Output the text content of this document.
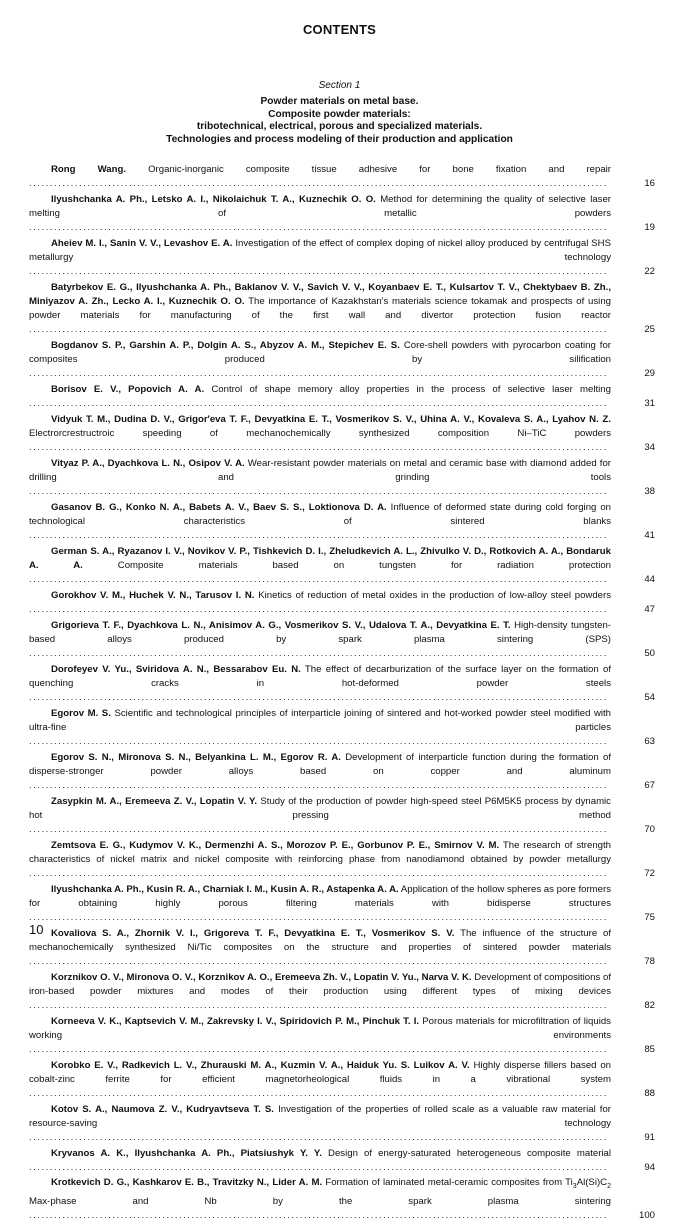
CONTENTS
Section 1
Powder materials on metal base.
Composite powder materials:
tribotechnical, electrical, porous and specialized materials.
Technologies and process modeling of their production and application
Rong Wang. Organic-inorganic composite tissue adhesive for bone fixation and repair ...........................................................................................................................................	16
Ilyushchanka A. Ph., Letsko A. I., Nikolaichuk T. A., Kuznechik O. O. Method for determining the quality of selective laser melting of metallic powders ...........................................................................................................................................	19
Aheiev M. I., Sanin V. V., Levashov E. A. Investigation of the effect of complex doping of nickel alloy produced by centrifugal SHS metallurgy technology ...........................................................................................................................................	22
Batyrbekov E. G., Ilyushchanka A. Ph., Baklanov V. V., Savich V. V., Koyanbaev E. T., Kulsartov T. V., Chektybaev B. Zh., Miniyazov A. Zh., Lecko A. I., Kuznechik O. O. The importance of Kazakhstan's materials science tokamak and prospects of using powder materials for manufacturing of the first wall and divertor protection fusion reactor ...........................................................................................................................................	25
Bogdanov S. P., Garshin A. P., Dolgin A. S., Abyzov A. M., Stepichev E. S. Core-shell powders with pyrocarbon coating for composites produced by silification ...........................................................................................................................................	29
Borisov E. V., Popovich A. A. Control of shape memory alloy properties in the process of selective laser melting ...........................................................................................................................................	31
Vidyuk T. M., Dudina D. V., Grigor'eva T. F., Devyatkina E. T., Vosmerikov S. V., Uhina A. V., Kovaleva S. A., Lyahov N. Z. Electrorcrestructroic speeding of mechanochemically synthesized composition Ni–TiC powders ...........................................................................................................................................	34
Vityaz P. A., Dyachkova L. N., Osipov V. A. Wear-resistant powder materials on metal and ceramic base with diamond added for drilling and grinding tools ...........................................................................................................................................	38
Gasanov B. G., Konko N. A., Babets A. V., Baev S. S., Loktionova D. A. Influence of deformed state during cold forging on technological characteristics of sintered blanks ...........................................................................................................................................	41
German S. A., Ryazanov I. V., Novikov V. P., Tishkevich D. I., Zheludkevich A. L., Zhivulko V. D., Rotkovich A. A., Bondaruk A. A.	Composite materials based on tungsten for radiation protection ...........................................................................................................................................	44
Gorokhov V. M., Huchek V. N., Tarusov I. N. Kinetics of reduction of metal oxides in the production of low-alloy steel powders ...........................................................................................................................................	47
Grigorieva T. F., Dyachkova L. N., Anisimov A. G., Vosmerikov S. V., Udalova T. A., Devyatkina E. T. High-density tungsten-based alloys produced by spark plasma sintering (SPS) ...........................................................................................................................................	50
Dorofeyev V. Yu., Sviridova A. N., Bessarabov Eu. N. The effect of decarburization of the surface layer on the formation of quenching cracks in hot-deformed powder steels ...........................................................................................................................................	54
Egorov M. S. Scientific and technological principles of interparticle joining of sintered and hot-worked powder steel modified with ultra-fine particles ...........................................................................................................................................	63
Egorov S. N., Mironova S. N., Belyankina L. M., Egorov R. A. Development of interparticle function during the formation of disperse-stronger powder alloys based on copper and aluminum ...........................................................................................................................................	67
Zasypkin M. A., Eremeeva Z. V., Lopatin V. Y. Study of the production of powder high-speed steel P6M5K5 process by dynamic hot pressing method ...........................................................................................................................................	70
Zemtsova E. G., Kudymov V. K., Dermenzhi A. S., Morozov P. E., Gorbunov P. E., Smirnov V. M. The research of strength characteristics of nickel matrix and nickel composite with reinforcing phase from nanodiamond obtained by powder metallurgy ...........................................................................................................................................	72
Ilyushchanka A. Ph., Kusin R. A., Charniak I. M., Kusin A. R., Astapenka A. A. Application of the hollow spheres as pore formers for obtaining highly porous filtering materials with bidisperse structures ...........................................................................................................................................	75
Kovaliova S. A., Zhornik V. I., Grigoreva T. F., Devyatkina E. T., Vosmerikov S. V. The influence of the structure of mechanochemically synthesized Ni/Tic composites on the structure and properties of sintered powder materials ...........................................................................................................................................	78
Korznikov O. V., Mironova O. V., Korznikov A. O., Eremeeva Zh. V., Lopatin V. Yu., Narva V. K. Development of compositions of iron-based powder mixtures and modes of their production using different types of mixing devices ...........................................................................................................................................	82
Korneeva V. K., Kaptsevich V. M., Zakrevsky I. V., Spiridovich P. M., Pinchuk T. I. Porous materials for microfiltration of liquids working environments ...........................................................................................................................................	85
Korobko E. V., Radkevich L. V., Zhurauski M. A., Kuzmin V. A., Haiduk Yu. S. Luikov A. V. Highly disperse fillers based on cobalt-zinc ferrite for efficient magnetorheological fluids in a vibrational system ...........................................................................................................................................	88
Kotov S. A., Naumova Z. V., Kudryavtseva T. S. Investigation of the properties of rolled scale as a valuable raw material for resource-saving technology ...........................................................................................................................................	91
Kryvanos A. K., Ilyushchanka A. Ph., Piatsiushyk Y. Y. Design of energy-saturated heterogeneous composite material ...........................................................................................................................................	94
Krotkevich D. G., Kashkarov E. B., Travitzky N., Lider A. M. Formation of laminated metal-ceramic composites from $Ti_3Al(Si)C_2$ Max-phase and Nb by the spark plasma sintering ...........................................................................................................................................	100
10
